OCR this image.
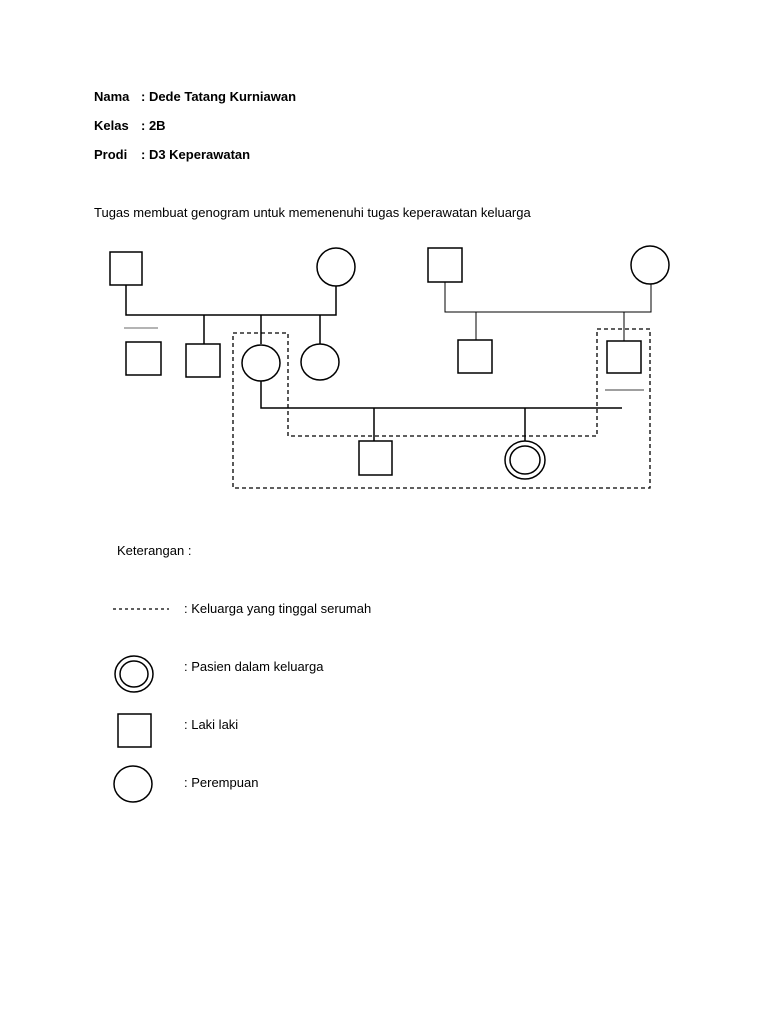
Nama : Dede Tatang Kurniawan
Kelas : 2B
Prodi : D3 Keperawatan
Tugas membuat genogram untuk memenenuhi tugas keperawatan keluarga
Keterangan :
: Keluarga yang tinggal serumah
: Pasien dalam keluarga
: Laki laki
: Perempuan
